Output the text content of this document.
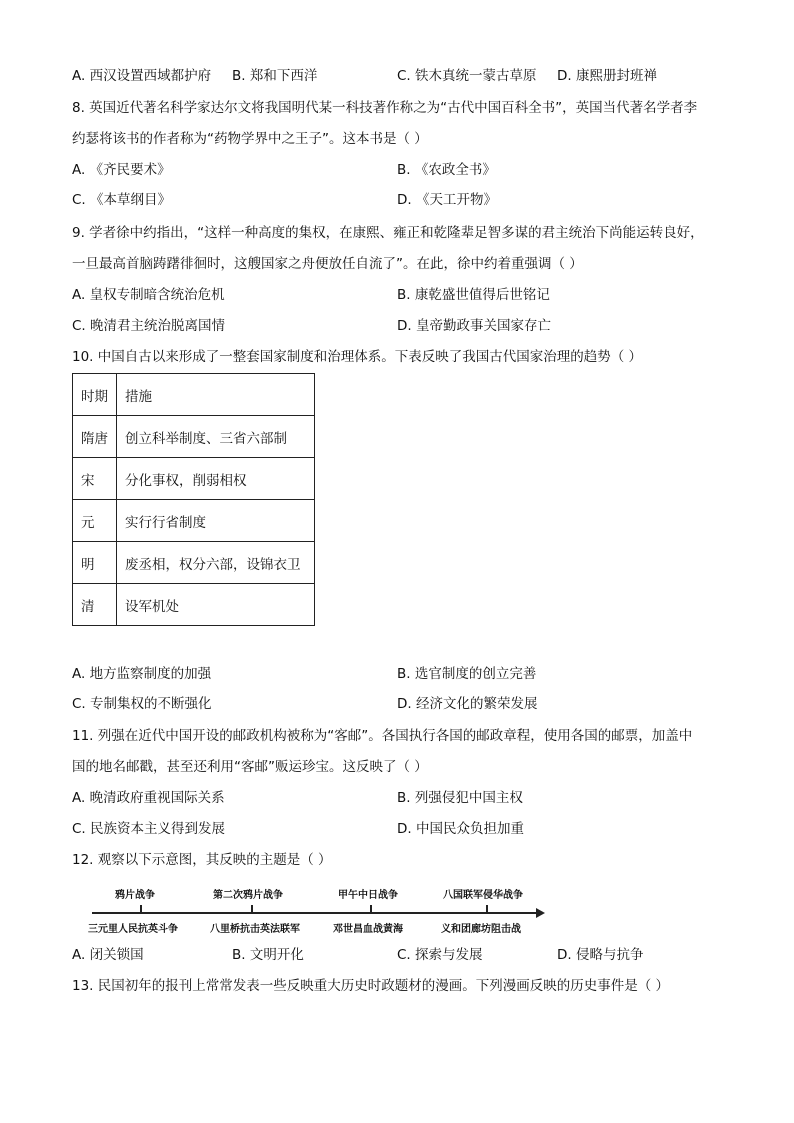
A. 西汉设置西域都护府 B. 郑和下西洋	C. 铁木真统一蒙古草原 D. 康熙册封班禅
8. 英国近代著名科学家达尔文将我国明代某一科技著作称之为“古代中国百科全书”，英国当代著名学者李
约瑟将该书的作者称为“药物学界中之王子”。这本书是（ ）
A. 《齐民要术》	B. 《农政全书》
C. 《本草纲目》	D. 《天工开物》
9. 学者徐中约指出，“这样一种高度的集权，在康熙、雍正和乾隆辈足智多谋的君主统治下尚能运转良好，
一旦最高首脑踌躇徘徊时，这艘国家之舟便放任自流了”。在此，徐中约着重强调（ ）
A. 皇权专制暗含统治危机	B. 康乾盛世值得后世铭记
C. 晚清君主统治脱离国情	D. 皇帝勤政事关国家存亡
10. 中国自古以来形成了一整套国家制度和治理体系。下表反映了我国古代国家治理的趋势（ ）
时期	措施
隋唐	创立科举制度、三省六部制
宋	分化事权，削弱相权
元	实行行省制度
明	废丞相，权分六部，设锦衣卫
清	设军机处
A. 地方监察制度的加强	B. 选官制度的创立完善
C. 专制集权的不断强化	D. 经济文化的繁荣发展
11. 列强在近代中国开设的邮政机构被称为“客邮”。各国执行各国的邮政章程，使用各国的邮票，加盖中
国的地名邮戳，甚至还利用“客邮”贩运珍宝。这反映了（ ）
A. 晚清政府重视国际关系	B. 列强侵犯中国主权
C. 民族资本主义得到发展	D. 中国民众负担加重
12. 观察以下示意图，其反映的主题是（ ）
鸦片战争	第二次鸦片战争	甲午中日战争	八国联军侵华战争
三元里人民抗英斗争	八里桥抗击英法联军	邓世昌血战黄海	义和团廊坊阻击战
A. 闭关锁国	B. 文明开化	C. 探索与发展	D. 侵略与抗争
13. 民国初年的报刊上常常发表一些反映重大历史时政题材的漫画。下列漫画反映的历史事件是（ ）
